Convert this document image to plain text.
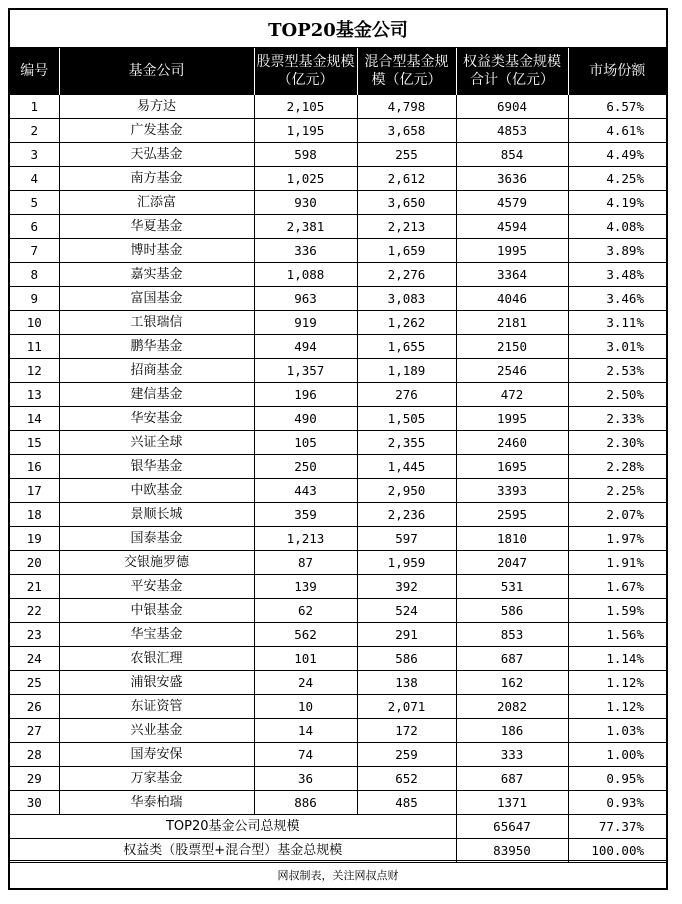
TOP20基金公司
编号	基金公司	股票型基金规模（亿元）	混合型基金规模（亿元）	权益类基金规模合计（亿元）	市场份额
1	易方达	2,105	4,798	6904	6.57%
2	广发基金	1,195	3,658	4853	4.61%
3	天弘基金	598	255	854	4.49%
4	南方基金	1,025	2,612	3636	4.25%
5	汇添富	930	3,650	4579	4.19%
6	华夏基金	2,381	2,213	4594	4.08%
7	博时基金	336	1,659	1995	3.89%
8	嘉实基金	1,088	2,276	3364	3.48%
9	富国基金	963	3,083	4046	3.46%
10	工银瑞信	919	1,262	2181	3.11%
11	鹏华基金	494	1,655	2150	3.01%
12	招商基金	1,357	1,189	2546	2.53%
13	建信基金	196	276	472	2.50%
14	华安基金	490	1,505	1995	2.33%
15	兴证全球	105	2,355	2460	2.30%
16	银华基金	250	1,445	1695	2.28%
17	中欧基金	443	2,950	3393	2.25%
18	景顺长城	359	2,236	2595	2.07%
19	国泰基金	1,213	597	1810	1.97%
20	交银施罗德	87	1,959	2047	1.91%
21	平安基金	139	392	531	1.67%
22	中银基金	62	524	586	1.59%
23	华宝基金	562	291	853	1.56%
24	农银汇理	101	586	687	1.14%
25	浦银安盛	24	138	162	1.12%
26	东证资管	10	2,071	2082	1.12%
27	兴业基金	14	172	186	1.03%
28	国寿安保	74	259	333	1.00%
29	万家基金	36	652	687	0.95%
30	华泰柏瑞	886	485	1371	0.93%
TOP20基金公司总规模				65647	77.37%
权益类（股票型+混合型）基金总规模				83950	100.00%
网叔制表，关注网叔点财
